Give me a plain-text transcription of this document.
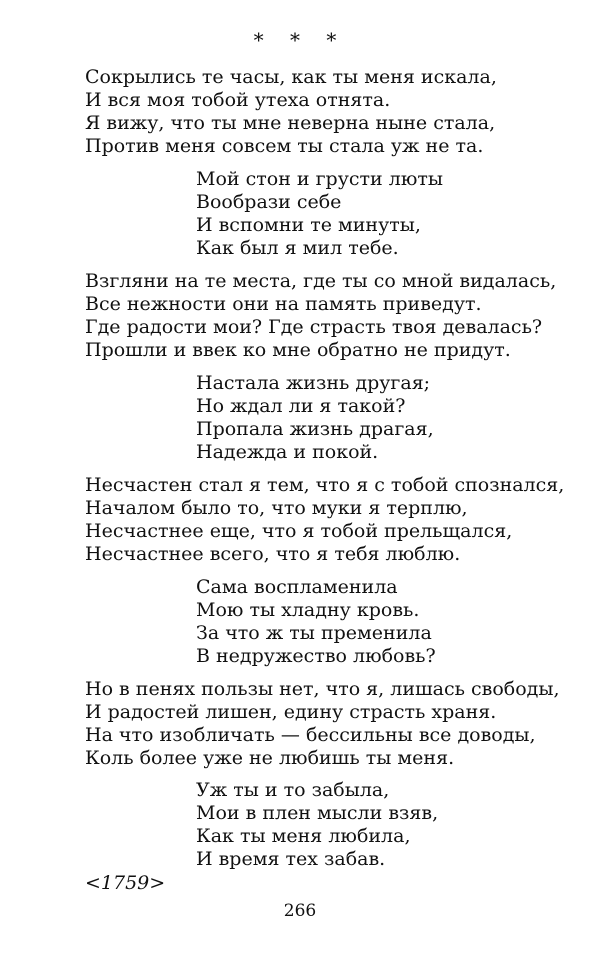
* * *
Сокрылись те часы, как ты меня искала,
И вся моя тобой утеха отнята.
Я вижу, что ты мне неверна ныне стала,
Против меня совсем ты стала уж не та.
Мой стон и грусти люты
Вообрази себе
И вспомни те минуты,
Как был я мил тебе.
Взгляни на те места, где ты со мной видалась,
Все нежности они на память приведут.
Где радости мои? Где страсть твоя девалась?
Прошли и ввек ко мне обратно не придут.
Настала жизнь другая;
Но ждал ли я такой?
Пропала жизнь драгая,
Надежда и покой.
Несчастен стал я тем, что я с тобой спознался,
Началом было то, что муки я терплю,
Несчастнее еще, что я тобой прельщался,
Несчастнее всего, что я тебя люблю.
Сама воспламенила
Мою ты хладну кровь.
За что ж ты пременила
В недружество любовь?
Но в пенях пользы нет, что я, лишась свободы,
И радостей лишен, едину страсть храня.
На что изобличать — бессильны все доводы,
Коль более уже не любишь ты меня.
Уж ты и то забыла,
Мои в плен мысли взяв,
Как ты меня любила,
И время тех забав.
<1759>
266
